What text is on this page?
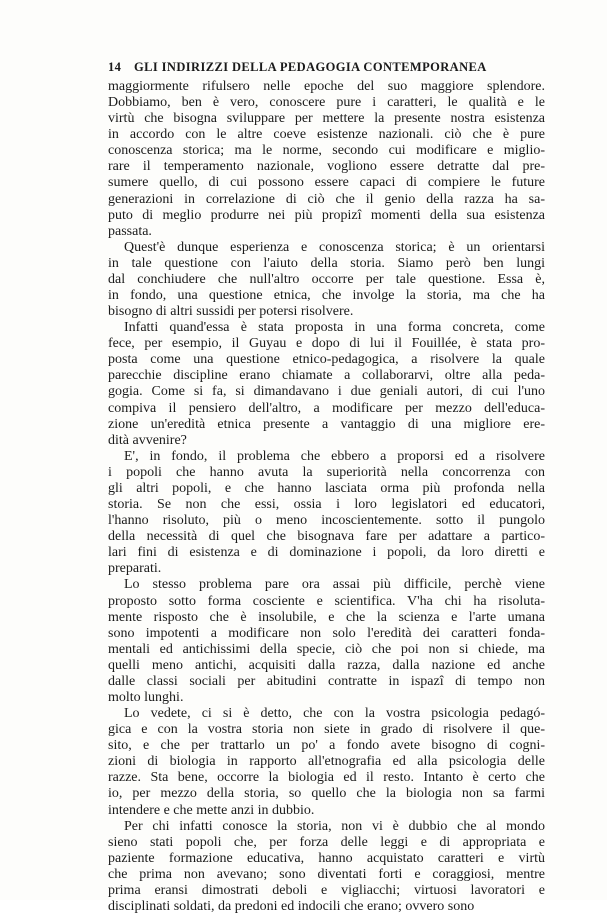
14 GLI INDIRIZZI DELLA PEDAGOGIA CONTEMPORANEA
maggiormente rifulsero nelle epoche del suo maggiore splendore.
Dobbiamo, ben è vero, conoscere pure i caratteri, le qualità e le
virtù che bisogna sviluppare per mettere la presente nostra esistenza
in accordo con le altre coeve esistenze nazionali. ciò che è pure
conoscenza storica; ma le norme, secondo cui modificare e miglio-
rare il temperamento nazionale, vogliono essere detratte dal pre-
sumere quello, di cui possono essere capaci di compiere le future
generazioni in correlazione di ciò che il genio della razza ha sa-
puto di meglio produrre nei più propizî momenti della sua esistenza
passata.
Quest'è dunque esperienza e conoscenza storica; è un orientarsi
in tale questione con l'aiuto della storia. Siamo però ben lungi
dal conchiudere che null'altro occorre per tale questione. Essa è,
in fondo, una questione etnica, che involge la storia, ma che ha
bisogno di altri sussidi per potersi risolvere.
Infatti quand'essa è stata proposta in una forma concreta, come
fece, per esempio, il Guyau e dopo di lui il Fouillée, è stata pro-
posta come una questione etnico-pedagogica, a risolvere la quale
parecchie discipline erano chiamate a collaborarvi, oltre alla peda-
gogia. Come si fa, si dimandavano i due geniali autori, di cui l'uno
compiva il pensiero dell'altro, a modificare per mezzo dell'educa-
zione un'eredità etnica presente a vantaggio di una migliore ere-
dità avvenire?
E', in fondo, il problema che ebbero a proporsi ed a risolvere
i popoli che hanno avuta la superiorità nella concorrenza con
gli altri popoli, e che hanno lasciata orma più profonda nella
storia. Se non che essi, ossia i loro legislatori ed educatori,
l'hanno risoluto, più o meno incoscientemente. sotto il pungolo
della necessità di quel che bisognava fare per adattare a partico-
lari fini di esistenza e di dominazione i popoli, da loro diretti e
preparati.
Lo stesso problema pare ora assai più difficile, perchè viene
proposto sotto forma cosciente e scientifica. V'ha chi ha risoluta-
mente risposto che è insolubile, e che la scienza e l'arte umana
sono impotenti a modificare non solo l'eredità dei caratteri fonda-
mentali ed antichissimi della specie, ciò che poi non si chiede, ma
quelli meno antichi, acquisiti dalla razza, dalla nazione ed anche
dalle classi sociali per abitudini contratte in ispazî di tempo non
molto lunghi.
Lo vedete, ci si è detto, che con la vostra psicologia pedagó-
gica e con la vostra storia non siete in grado di risolvere il que-
sito, e che per trattarlo un po' a fondo avete bisogno di cogni-
zioni di biologia in rapporto all'etnografia ed alla psicologia delle
razze. Sta bene, occorre la biologia ed il resto. Intanto è certo che
io, per mezzo della storia, so quello che la biologia non sa farmi
intendere e che mette anzi in dubbio.
Per chi infatti conosce la storia, non vi è dubbio che al mondo
sieno stati popoli che, per forza delle leggi e di appropriata e
paziente formazione educativa, hanno acquistato caratteri e virtù
che prima non avevano; sono diventati forti e coraggiosi, mentre
prima eransi dimostrati deboli e vigliacchi; virtuosi lavoratori e
disciplinati soldati, da predoni ed indocili che erano; ovvero sono
